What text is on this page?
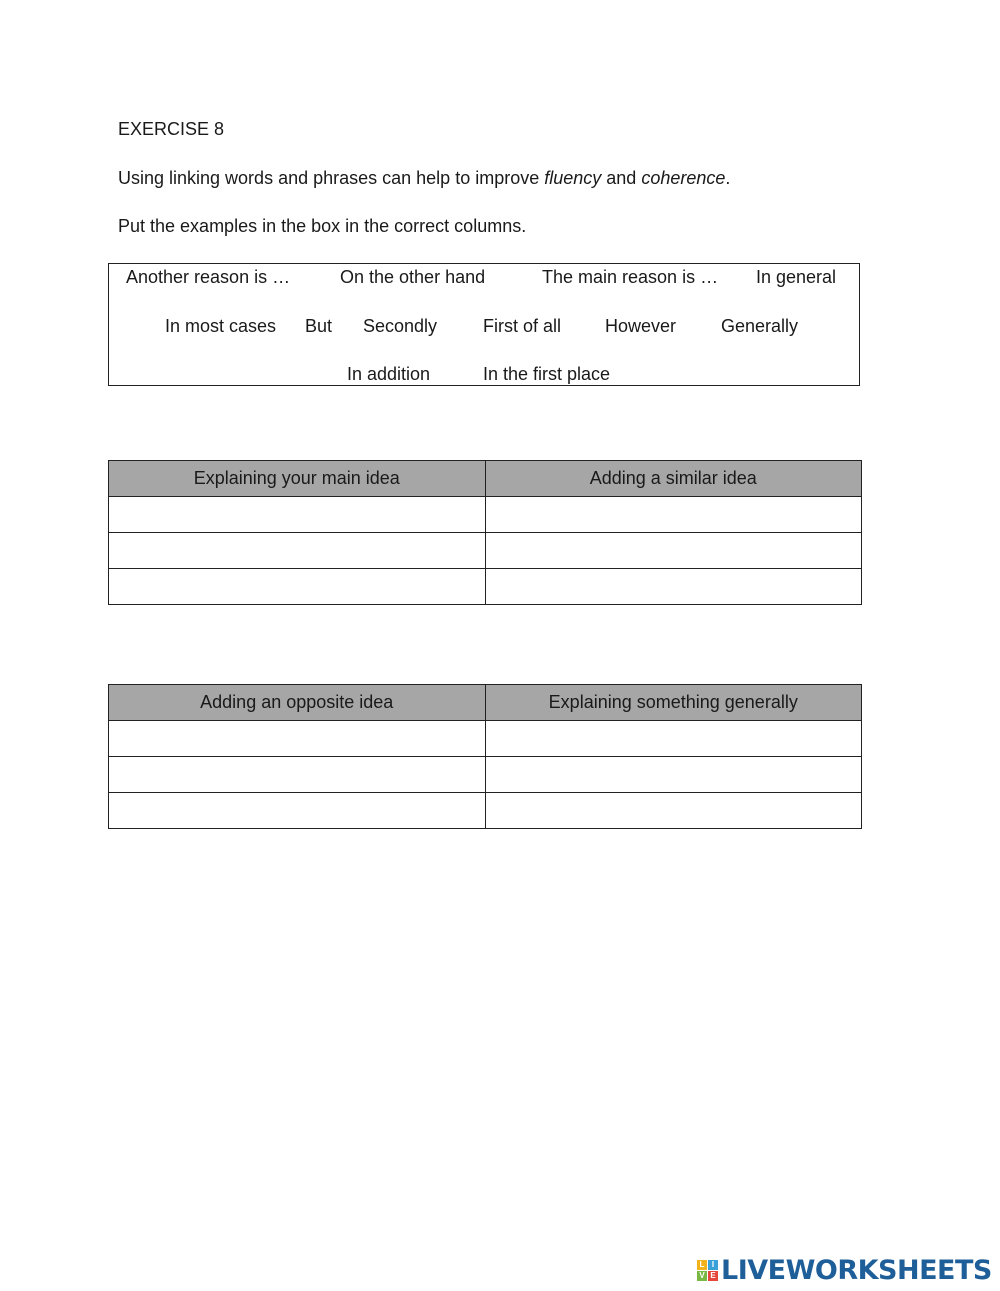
EXERCISE 8
Using linking words and phrases can help to improve fluency and coherence.
Put the examples in the box in the correct columns.
Another reason is …	On the other hand	The main reason is … In general
In most cases But Secondly	First of all However Generally
In addition	In the first place
Explaining your main idea	Adding a similar idea

Adding an opposite idea	Explaining something generally

L I
V E LIVEWORKSHEETS
